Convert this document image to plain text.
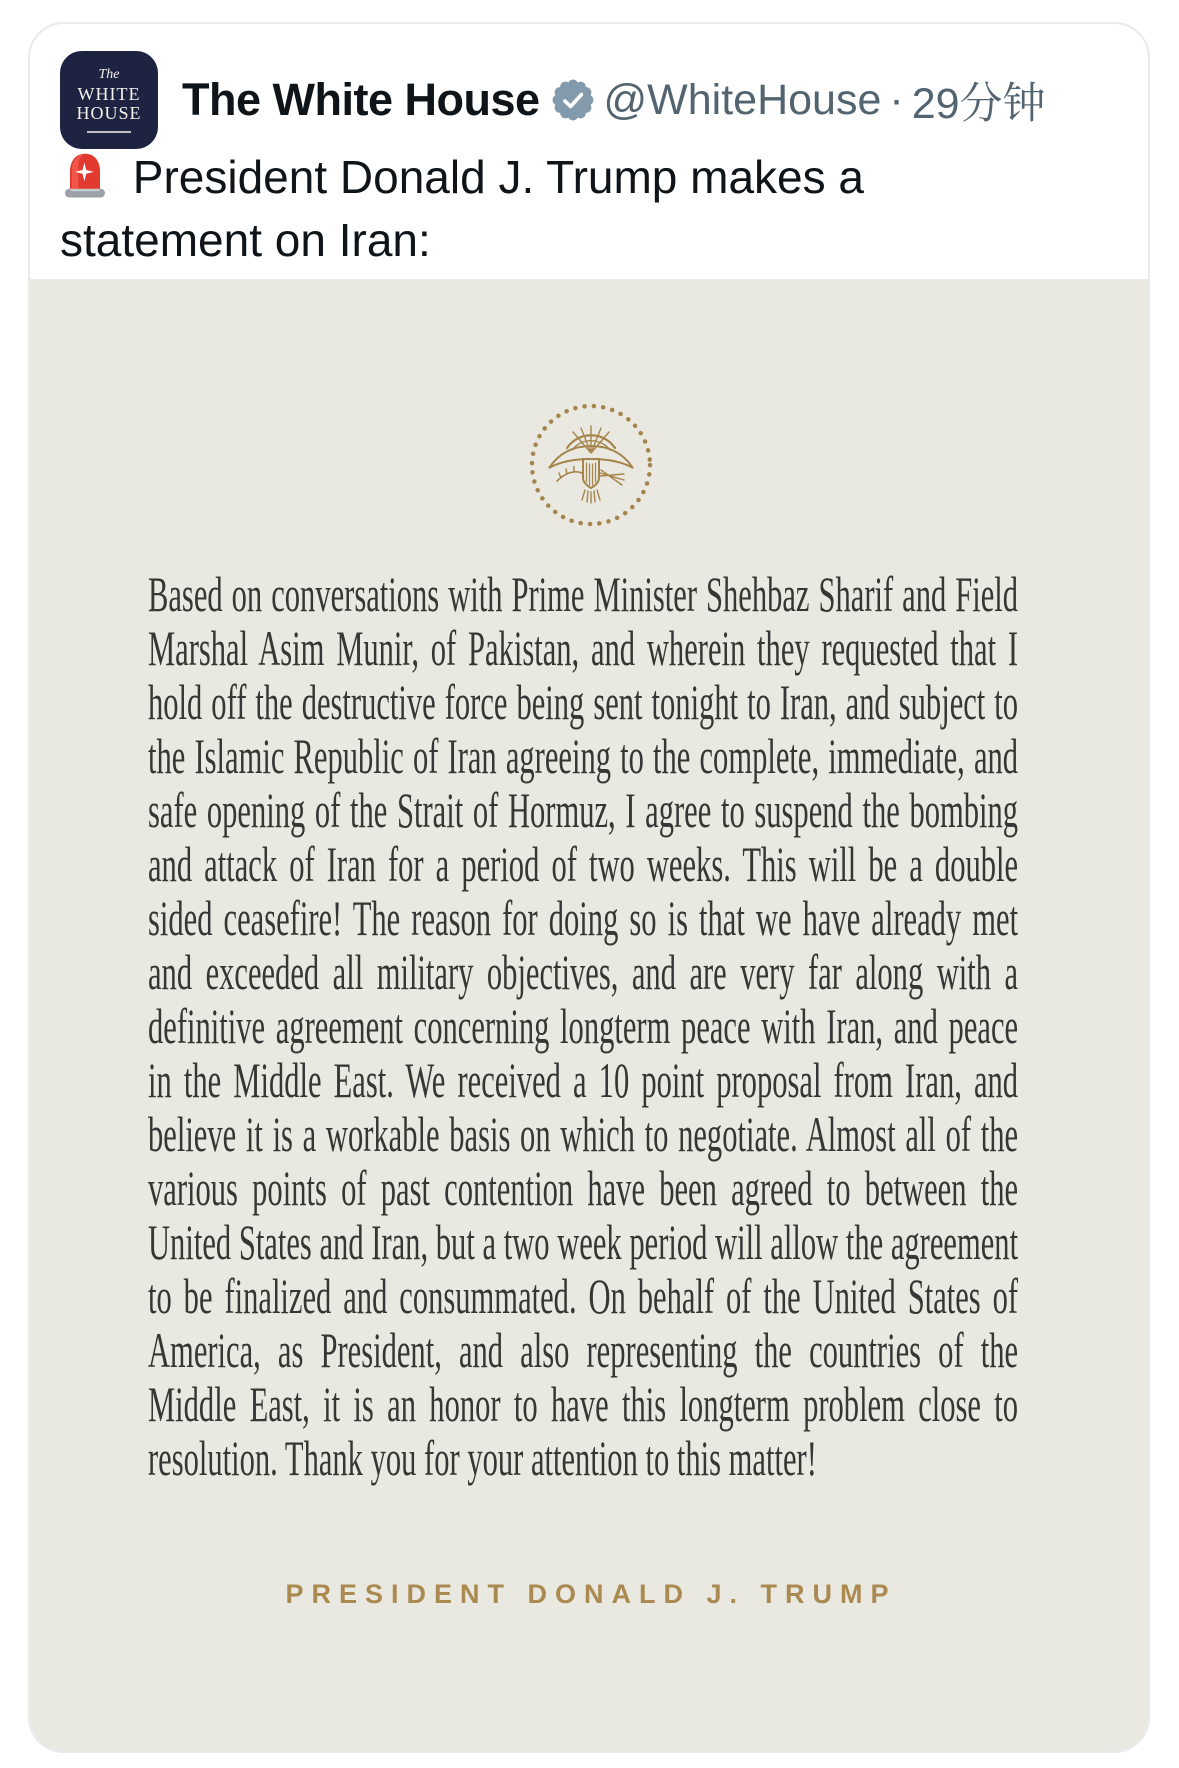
The
WHITE
HOUSE The White House @WhiteHouse · 29分钟
President Donald J. Trump makes a statement on Iran:

Based on conversations with Prime Minister Shehbaz Sharif and Field Marshal Asim Munir, of Pakistan, and wherein they requested that I hold off the destructive force being sent tonight to Iran, and subject to the Islamic Republic of Iran agreeing to the complete, immediate, and safe opening of the Strait of Hormuz, I agree to suspend the bombing and attack of Iran for a period of two weeks. This will be a double sided ceasefire! The reason for doing so is that we have already met and exceeded all military objectives, and are very far along with a definitive agreement concerning longterm peace with Iran, and peace in the Middle East. We received a 10 point proposal from Iran, and believe it is a workable basis on which to negotiate. Almost all of the various points of past contention have been agreed to between the United States and Iran, but a two week period will allow the agreement to be finalized and consummated. On behalf of the United States of America, as President, and also representing the countries of the Middle East, it is an honor to have this longterm problem close to resolution. Thank you for your attention to this matter!

PRESIDENT DONALD J. TRUMP
